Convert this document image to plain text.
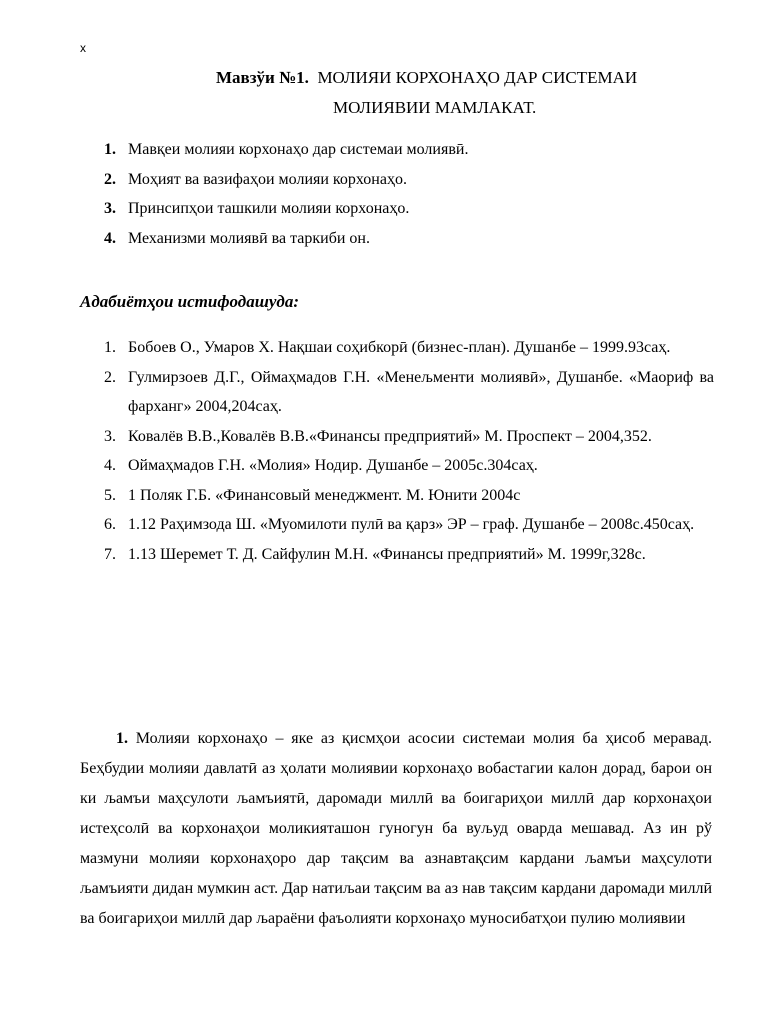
x
Мавзўи №1. МОЛИЯИ КОРХОНАҲО ДАР СИСТЕМАИ
МОЛИЯВИИ МАМЛАКАТ.
1. Мавқеи молияи корхонаҳо дар системаи молиявӣ.
2. Моҳият ва вазифаҳои молияи корхонаҳо.
3. Принсипҳои ташкили молияи корхонаҳо.
4. Механизми молиявӣ ва таркиби он.
Адабиётҳои истифодашуда:
1. Бобоев О., Умаров Х. Нақшаи соҳибкорӣ (бизнес-план). Душанбе – 1999.93саҳ.
2. Гулмирзоев Д.Г., Оймаҳмадов Г.Н. «Менељменти молиявӣ», Душанбе. «Маориф ва фарханг» 2004,204саҳ.
3. Ковалёв В.В.,Ковалёв В.В.«Финансы предприятий» М. Проспект – 2004,352.
4. Оймаҳмадов Г.Н. «Молия» Нодир. Душанбе – 2005с.304саҳ.
5. 1 Поляк Г.Б. «Финансовый менеджмент. М. Юнити 2004с
6. 1.12 Раҳимзода Ш. «Муомилоти пулӣ ва қарз» ЭР – граф. Душанбе – 2008с.450саҳ.
7. 1.13 Шеремет Т. Д. Сайфулин М.Н. «Финансы предприятий» М. 1999г,328с.

1. Молияи корхонаҳо – яке аз қисмҳои асосии системаи молия ба ҳисоб меравад. Беҳбудии молияи давлатӣ аз ҳолати молиявии корхонаҳо вобастагии калон дорад, барои он ки љамъи маҳсулоти љамъиятӣ, даромади миллӣ ва боигариҳои миллӣ дар корхонаҳои истеҳсолӣ ва корхонаҳои моликияташон гуногун ба вуљуд оварда мешавад. Аз ин рў мазмуни молияи корхонаҳоро дар тақсим ва азнавтақсим кардани љамъи маҳсулоти љамъияти дидан мумкин аст. Дар натиљаи тақсим ва аз нав тақсим кардани даромади миллӣ ва боигариҳои миллӣ дар љараёни фаъолияти корхонаҳо муносибатҳои пулию молиявии
